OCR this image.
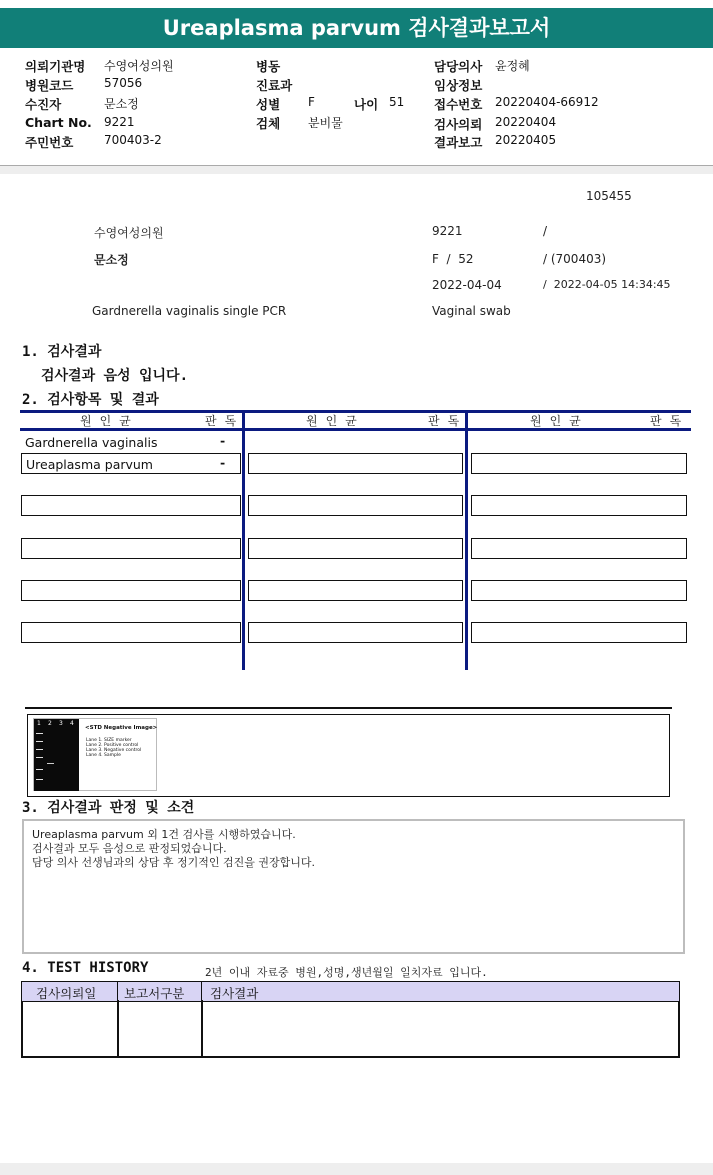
Ureaplasma parvum 검사결과보고서
의뢰기관명 수영여성의원
병원코드	57056
수진자	문소정
Chart No. 9221
주민번호	700403-2
병동
진료과
성별 F	나이 51
검체 분비물
담당의사 윤정혜
임상정보
접수번호 20220404-66912
검사의뢰 20220404
결과보고 20220405
105455
수영여성의원	9221	/
문소정	F  /  52	/ (700403)
2022-04-04	/  2022-04-05 14:34:45
Gardnerella vaginalis single PCR	Vaginal swab
1. 검사결과
검사결과 음성 입니다.
2. 검사항목 및 결과
원인균	판독	원인균	판독	원인균	판독
Gardnerella vaginalis	-
Ureaplasma parvum	-
1 2 3 4
<STD Negative Image>
Lane 1. SIZE marker
Lane 2. Positive control
Lane 3. Negative control
Lane 4. Sample
3. 검사결과 판정 및 소견
Ureaplasma parvum 외 1건 검사를 시행하였습니다.
검사결과 모두 음성으로 판정되었습니다.
담당 의사 선생님과의 상담 후 정기적인 검진을 권장합니다.
4. TEST HISTORY	2년 이내 자료중 병원,성명,생년월일 일치자료 입니다.
검사의뢰일 보고서구분 검사결과
